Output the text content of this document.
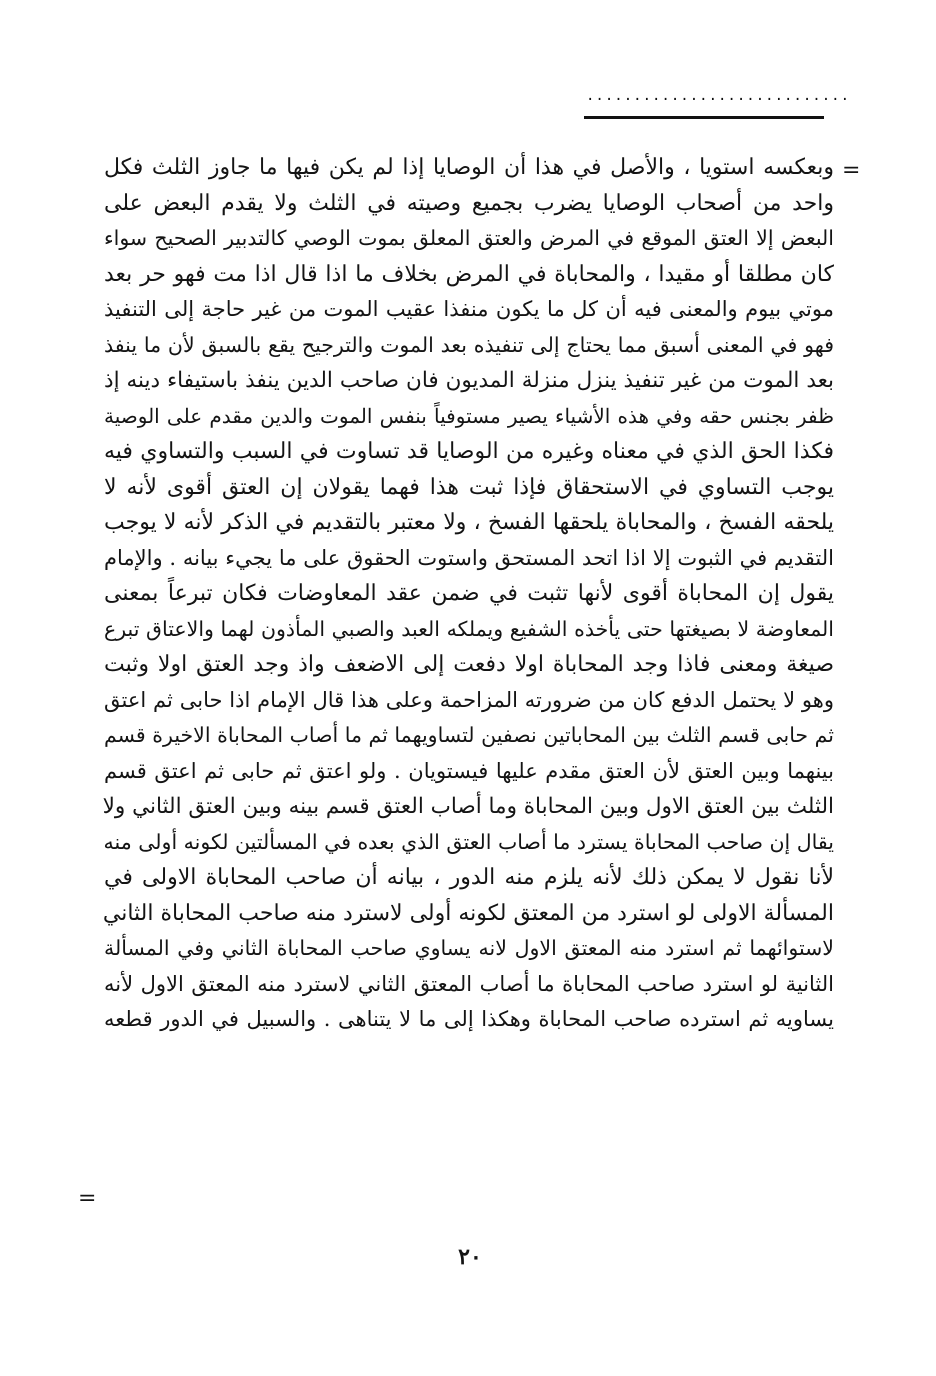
............................
=
وبعكسه استويا ، والأصل في هذا أن الوصايا إذا لم يكن فيها ما جاوز الثلث فكل
واحد من أصحاب الوصايا يضرب بجميع وصيته في الثلث ولا يقدم البعض على
البعض إلا العتق الموقع في المرض والعتق المعلق بموت الوصي كالتدبير الصحيح سواء
كان مطلقا أو مقيدا ، والمحاباة في المرض بخلاف ما اذا قال اذا مت فهو حر بعد
موتي بيوم والمعنى فيه أن كل ما يكون منفذا عقيب الموت من غير حاجة إلى التنفيذ
فهو في المعنى أسبق مما يحتاج إلى تنفيذه بعد الموت والترجيح يقع بالسبق لأن ما ينفذ
بعد الموت من غير تنفيذ ينزل منزلة المديون فان صاحب الدين ينفذ باستيفاء دينه إذ
ظفر بجنس حقه وفي هذه الأشياء يصير مستوفياً بنفس الموت والدين مقدم على الوصية
فكذا الحق الذي في معناه وغيره من الوصايا قد تساوت في السبب والتساوي فيه
يوجب التساوي في الاستحقاق فإذا ثبت هذا فهما يقولان إن العتق أقوى لأنه لا
يلحقه الفسخ ، والمحاباة يلحقها الفسخ ، ولا معتبر بالتقديم في الذكر لأنه لا يوجب
التقديم في الثبوت إلا اذا اتحد المستحق واستوت الحقوق على ما يجيء بيانه . والإمام
يقول إن المحاباة أقوى لأنها تثبت في ضمن عقد المعاوضات فكان تبرعاً بمعنى
المعاوضة لا بصيغتها حتى يأخذه الشفيع ويملكه العبد والصبي المأذون لهما والاعتاق تبرع
صيغة ومعنى فاذا وجد المحاباة اولا دفعت إلى الاضعف واذ وجد العتق اولا وثبت
وهو لا يحتمل الدفع كان من ضرورته المزاحمة وعلى هذا قال الإمام اذا حابى ثم اعتق
ثم حابى قسم الثلث بين المحاباتين نصفين لتساويهما ثم ما أصاب المحاباة الاخيرة قسم
بينهما وبين العتق لأن العتق مقدم عليها فيستويان . ولو اعتق ثم حابى ثم اعتق قسم
الثلث بين العتق الاول وبين المحاباة وما أصاب العتق قسم بينه وبين العتق الثاني ولا
يقال إن صاحب المحاباة يسترد ما أصاب العتق الذي بعده في المسألتين لكونه أولى منه
لأنا نقول لا يمكن ذلك لأنه يلزم منه الدور ، بيانه أن صاحب المحاباة الاولى في
المسألة الاولى لو استرد من المعتق لكونه أولى لاسترد منه صاحب المحاباة الثاني
لاستوائهما ثم استرد منه المعتق الاول لانه يساوي صاحب المحاباة الثاني وفي المسألة
الثانية لو استرد صاحب المحاباة ما أصاب المعتق الثاني لاسترد منه المعتق الاول لأنه
يساويه ثم استرده صاحب المحاباة وهكذا إلى ما لا يتناهى . والسبيل في الدور قطعه
=
٢٠
